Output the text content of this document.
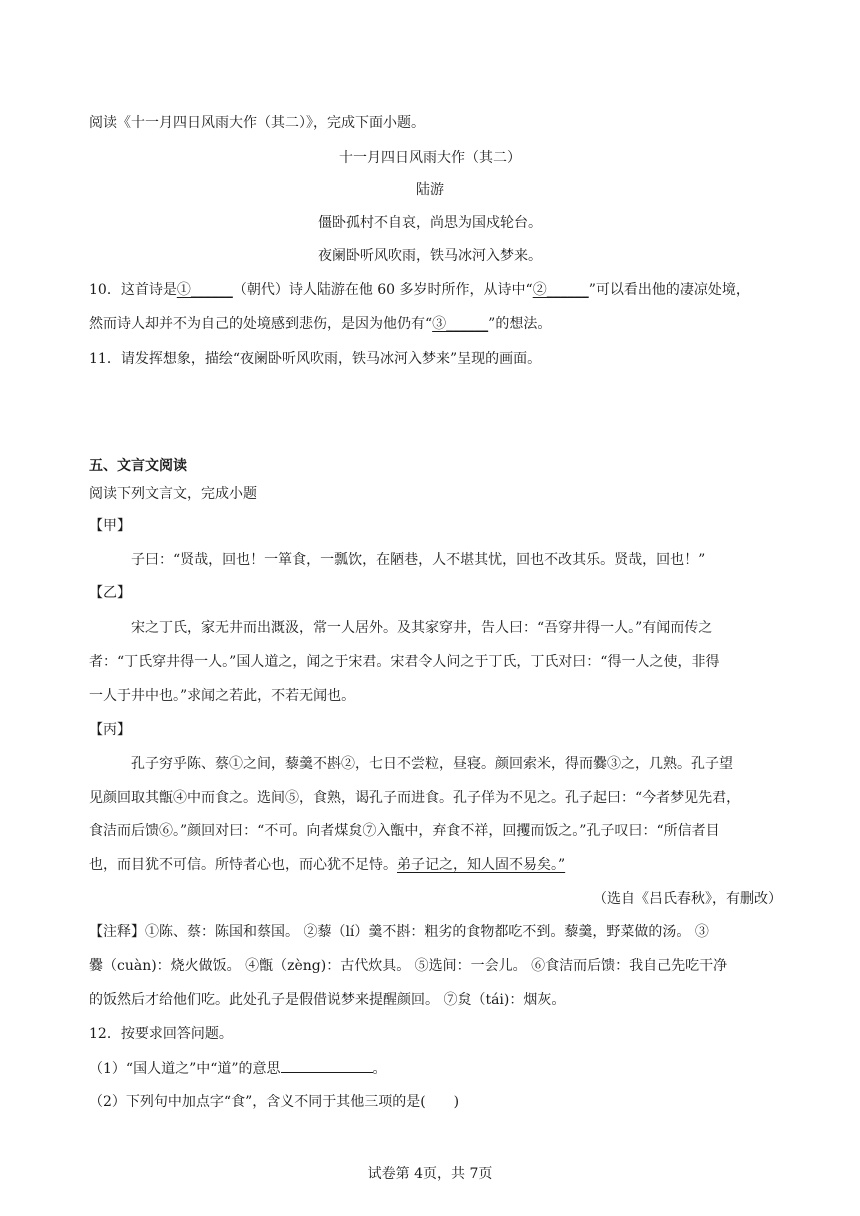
阅读《十一月四日风雨大作（其二）》，完成下面小题。
十一月四日风雨大作（其二）
陆游
僵卧孤村不自哀，尚思为国戍轮台。
夜阑卧听风吹雨，铁马冰河入梦来。
10．这首诗是①______（朝代）诗人陆游在他 60 多岁时所作，从诗中“②______”可以看出他的凄凉处境，
然而诗人却并不为自己的处境感到悲伤，是因为他仍有“③______”的想法。
11．请发挥想象，描绘“夜阑卧听风吹雨，铁马冰河入梦来”呈现的画面。
五、文言文阅读
阅读下列文言文，完成小题
【甲】
子曰：“贤哉，回也！一箪食，一瓢饮，在陋巷，人不堪其忧，回也不改其乐。贤哉，回也！”
【乙】
宋之丁氏，家无井而出溉汲，常一人居外。及其家穿井，告人曰：“吾穿井得一人。”有闻而传之
者：“丁氏穿井得一人。”国人道之，闻之于宋君。宋君令人问之于丁氏，丁氏对曰：“得一人之使，非得
一人于井中也。”求闻之若此，不若无闻也。
【丙】
孔子穷乎陈、蔡①之间，藜羹不斟②，七日不尝粒，昼寝。颜回索米，得而爨③之，几熟。孔子望
见颜回取其甑④中而食之。选间⑤，食熟，谒孔子而进食。孔子佯为不见之。孔子起曰：“今者梦见先君，
食洁而后馈⑥。”颜回对曰：“不可。向者煤炱⑦入甑中，弃食不祥，回攫而饭之。”孔子叹曰：“所信者目
也，而目犹不可信。所恃者心也，而心犹不足恃。弟子记之，知人固不易矣。”
（选自《吕氏春秋》，有删改）
【注释】①陈、蔡：陈国和蔡国。 ②藜（lí）羹不斟：粗劣的食物都吃不到。藜羹，野菜做的汤。 ③
爨（cuàn)：烧火做饭。 ④甑（zèng)：古代炊具。 ⑤选间：一会儿。 ⑥食洁而后馈：我自己先吃干净
的饭然后才给他们吃。此处孔子是假借说梦来提醒颜回。 ⑦炱（tái)：烟灰。
12．按要求回答问题。
（1）“国人道之”中“道”的意思	。
（2）下列句中加点字“食”，含义不同于其他三项的是(　　)
试卷第 4页，共 7页
